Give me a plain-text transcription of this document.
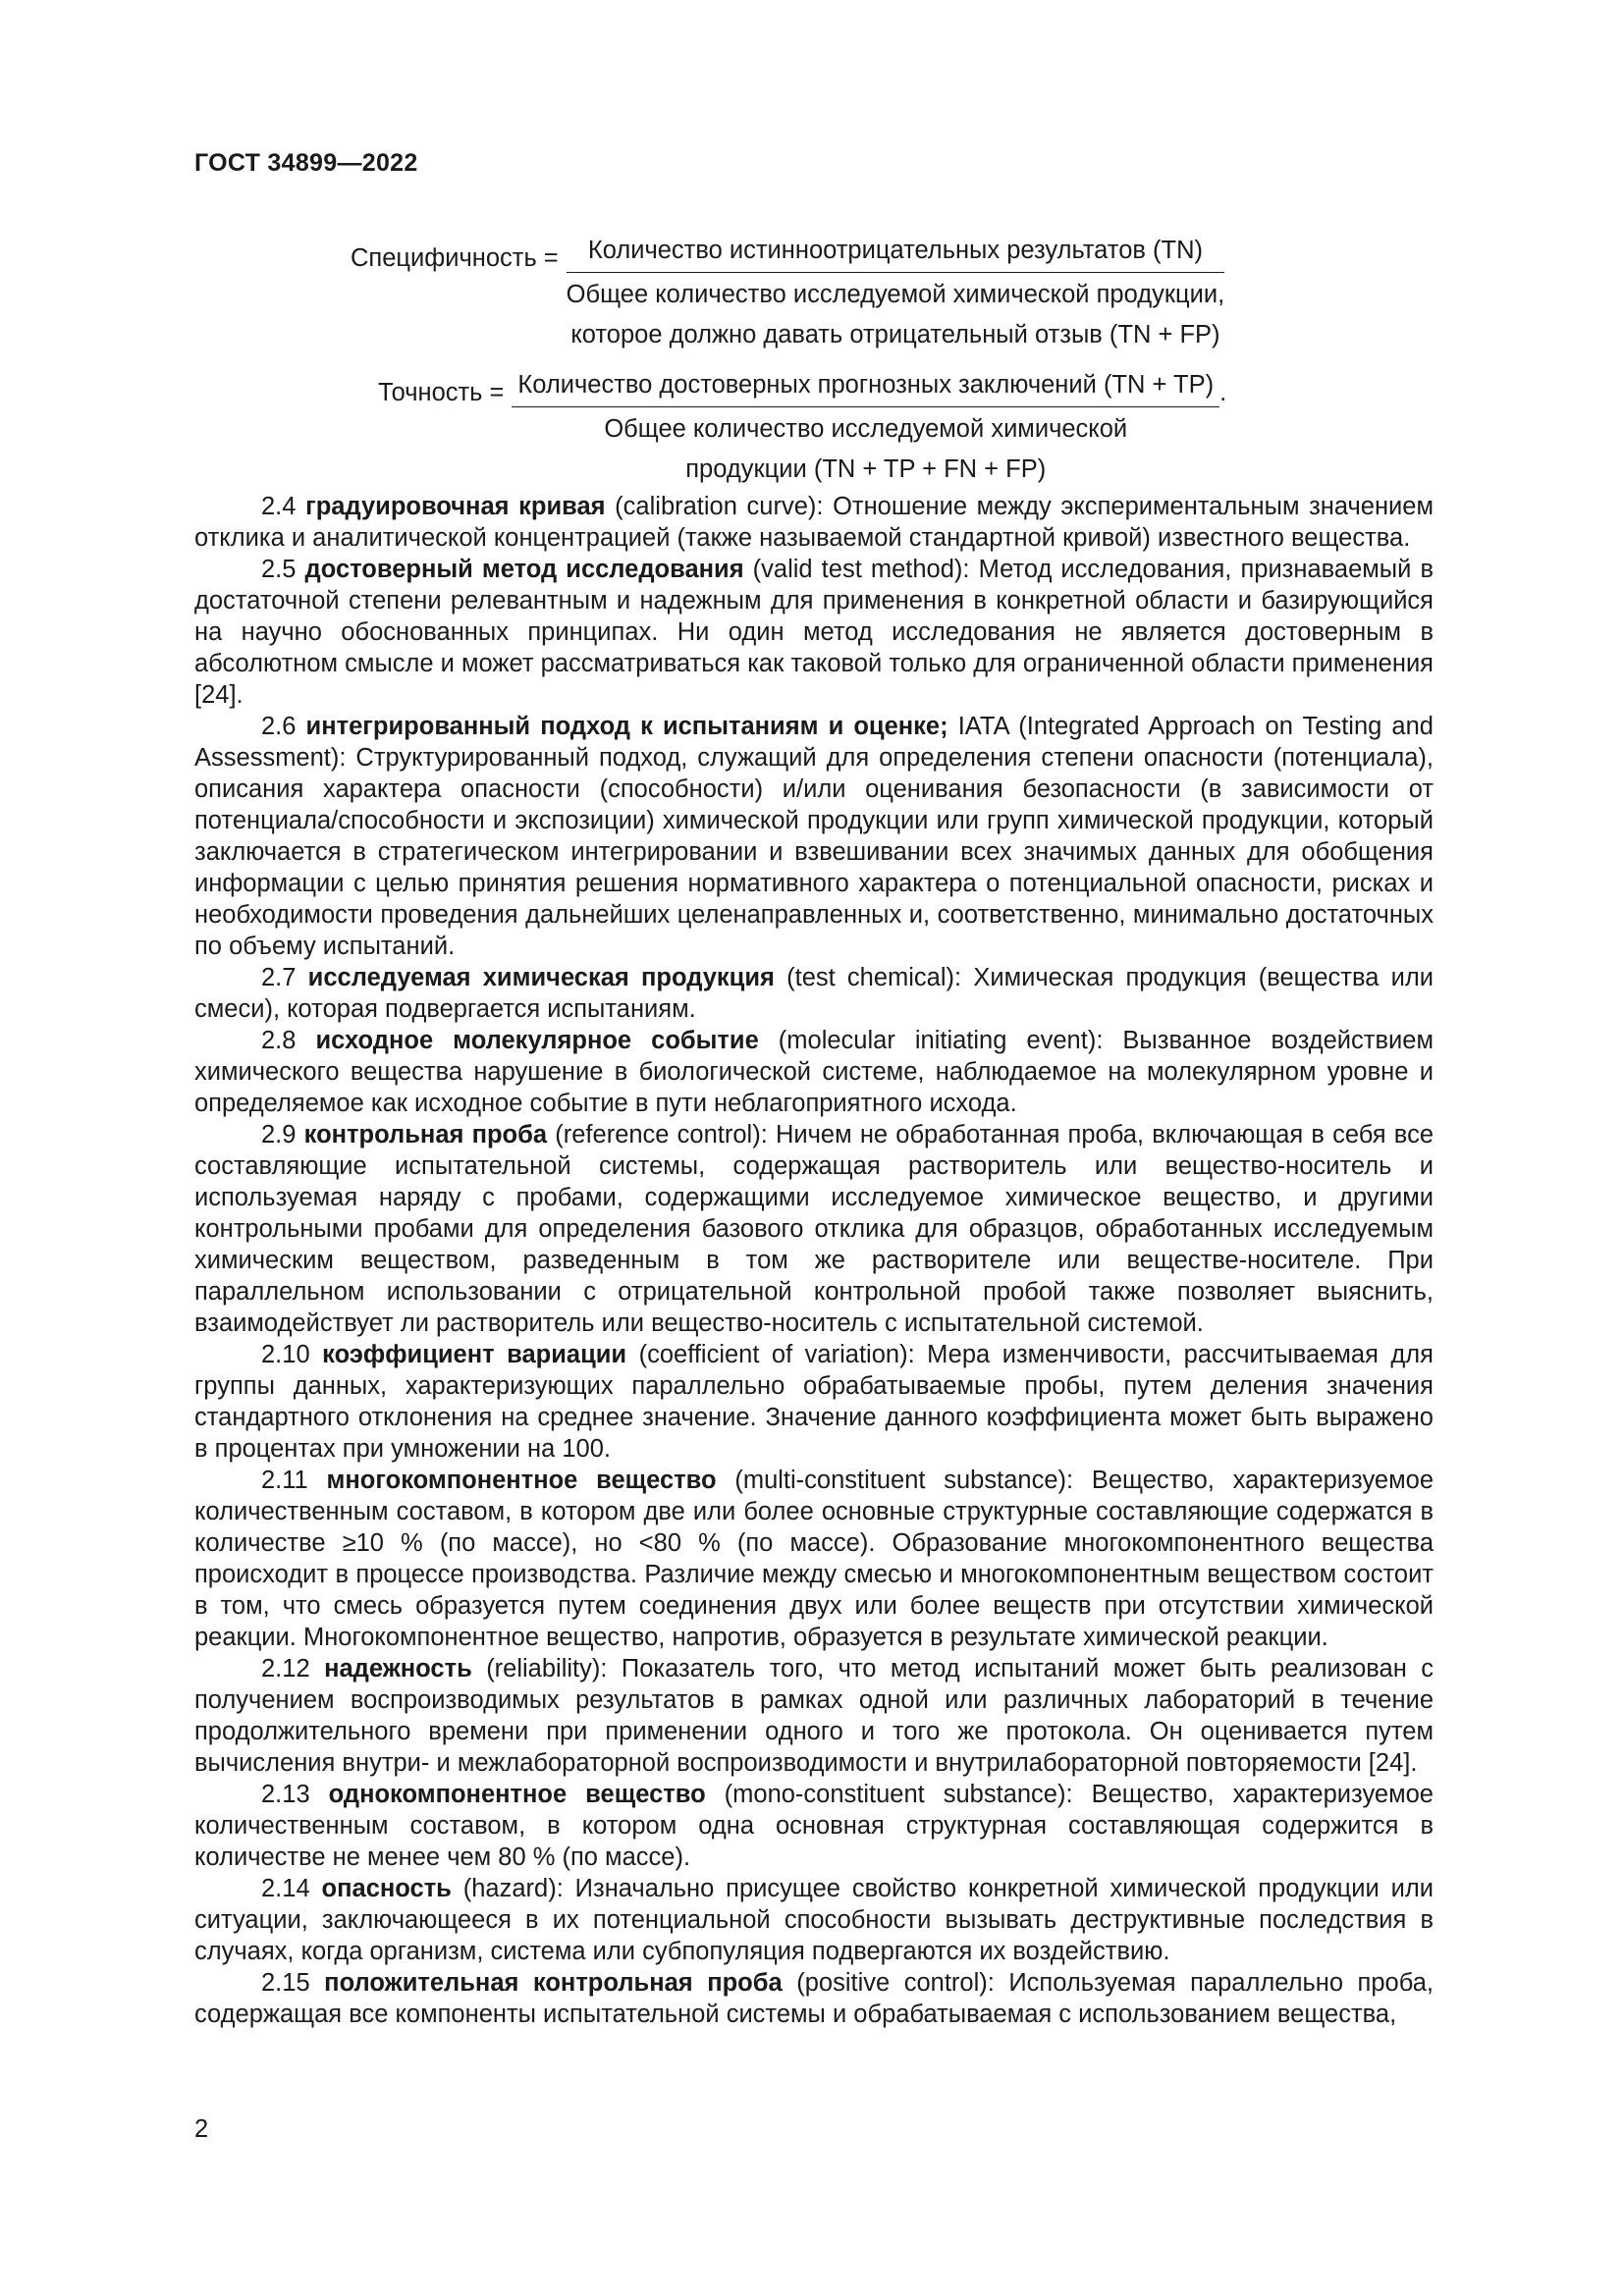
ГОСТ 34899—2022
Специфичность =	Количество истинноотрицательных результатов (TN)
Общее количество исследуемой химической продукции,
которое должно давать отрицательный отзыв (TN + FP)
Точность = Количество достоверных прогнозных заключений (TN + TP)
Общее количество исследуемой химической
продукции (TN + TP + FN + FP)
.

2.4 градуировочная кривая (calibration curve): Отношение между экспериментальным значением отклика и аналитической концентрацией (также называемой стандартной кривой) известного вещества.

2.5 достоверный метод исследования (valid test method): Метод исследования, признаваемый в достаточной степени релевантным и надежным для применения в конкретной области и базирующийся на научно обоснованных принципах. Ни один метод исследования не является достоверным в абсолютном смысле и может рассматриваться как таковой только для ограниченной области применения [24].

2.6 интегрированный подход к испытаниям и оценке; IATA (Integrated Approach on Testing and Assessment): Структурированный подход, служащий для определения степени опасности (потенциала), описания характера опасности (способности) и/или оценивания безопасности (в зависимости от потенциала/способности и экспозиции) химической продукции или групп химической продукции, который заключается в стратегическом интегрировании и взвешивании всех значимых данных для обобщения информации с целью принятия решения нормативного характера о потенциальной опасности, рисках и необходимости проведения дальнейших целенаправленных и, соответственно, минимально достаточных по объему испытаний.

2.7 исследуемая химическая продукция (test chemical): Химическая продукция (вещества или смеси), которая подвергается испытаниям.

2.8 исходное молекулярное событие (molecular initiating event): Вызванное воздействием химического вещества нарушение в биологической системе, наблюдаемое на молекулярном уровне и определяемое как исходное событие в пути неблагоприятного исхода.

2.9 контрольная проба (reference control): Ничем не обработанная проба, включающая в себя все составляющие испытательной системы, содержащая растворитель или вещество-носитель и используемая наряду с пробами, содержащими исследуемое химическое вещество, и другими контрольными пробами для определения базового отклика для образцов, обработанных исследуемым химическим веществом, разведенным в том же растворителе или веществе-носителе. При параллельном использовании с отрицательной контрольной пробой также позволяет выяснить, взаимодействует ли растворитель или вещество-носитель с испытательной системой.

2.10 коэффициент вариации (coefficient of variation): Мера изменчивости, рассчитываемая для группы данных, характеризующих параллельно обрабатываемые пробы, путем деления значения стандартного отклонения на среднее значение. Значение данного коэффициента может быть выражено в процентах при умножении на 100.

2.11 многокомпонентное вещество (multi-constituent substance): Вещество, характеризуемое количественным составом, в котором две или более основные структурные составляющие содержатся в количестве ≥10 % (по массе), но <80 % (по массе). Образование многокомпонентного вещества происходит в процессе производства. Различие между смесью и многокомпонентным веществом состоит в том, что смесь образуется путем соединения двух или более веществ при отсутствии химической реакции. Многокомпонентное вещество, напротив, образуется в результате химической реакции.

2.12 надежность (reliability): Показатель того, что метод испытаний может быть реализован с получением воспроизводимых результатов в рамках одной или различных лабораторий в течение продолжительного времени при применении одного и того же протокола. Он оценивается путем вычисления внутри- и межлабораторной воспроизводимости и внутрилабораторной повторяемости [24].

2.13 однокомпонентное вещество (mono-constituent substance): Вещество, характеризуемое количественным составом, в котором одна основная структурная составляющая содержится в количестве не менее чем 80 % (по массе).

2.14 опасность (hazard): Изначально присущее свойство конкретной химической продукции или ситуации, заключающееся в их потенциальной способности вызывать деструктивные последствия в случаях, когда организм, система или субпопуляция подвергаются их воздействию.

2.15 положительная контрольная проба (positive control): Используемая параллельно проба, содержащая все компоненты испытательной системы и обрабатываемая с использованием вещества,

2
